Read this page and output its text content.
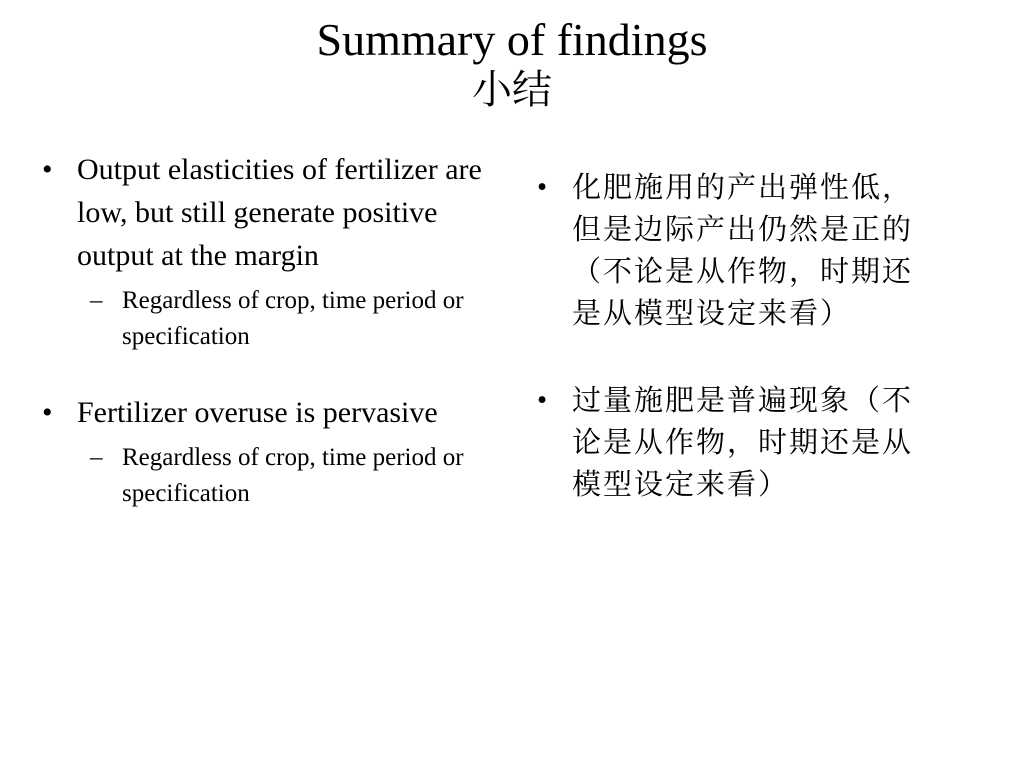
Summary of findings
小结
• Output elasticities of fertilizer are low, but still generate positive output at the margin
– Regardless of crop, time period or specification
• Fertilizer overuse is pervasive
– Regardless of crop, time period or specification
• 化肥施用的产出弹性低，但是边际产出仍然是正的（不论是从作物，时期还是从模型设定来看）
• 过量施肥是普遍现象（不论是从作物，时期还是从模型设定来看）
